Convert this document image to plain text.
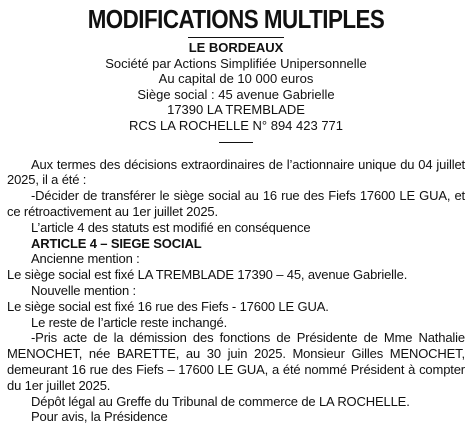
MODIFICATIONS MULTIPLES
LE BORDEAUX
Société par Actions Simplifiée Unipersonnelle
Au capital de 10 000 euros
Siège social : 45 avenue Gabrielle
17390 LA TREMBLADE
RCS LA ROCHELLE N° 894 423 771

Aux termes des décisions extraordinaires de l’actionnaire unique du 04 juillet 2025, il a été :

-Décider de transférer le siège social au 16 rue des Fiefs 17600 LE GUA, et ce rétroactivement au 1er juillet 2025.

L’article 4 des statuts est modifié en conséquence

ARTICLE 4 – SIEGE SOCIAL

Ancienne mention :

Le siège social est fixé LA TREMBLADE 17390 – 45, avenue Gabrielle.

Nouvelle mention :

Le siège social est fixé 16 rue des Fiefs - 17600 LE GUA.

Le reste de l’article reste inchangé.

-Pris acte de la démission des fonctions de Présidente de Mme Nathalie MENOCHET, née BARETTE, au 30 juin 2025. Monsieur Gilles MENOCHET, demeurant 16 rue des Fiefs – 17600 LE GUA, a été nommé Président à compter du 1er juillet 2025.

Dépôt légal au Greffe du Tribunal de commerce de LA ROCHELLE.

Pour avis, la Présidence
